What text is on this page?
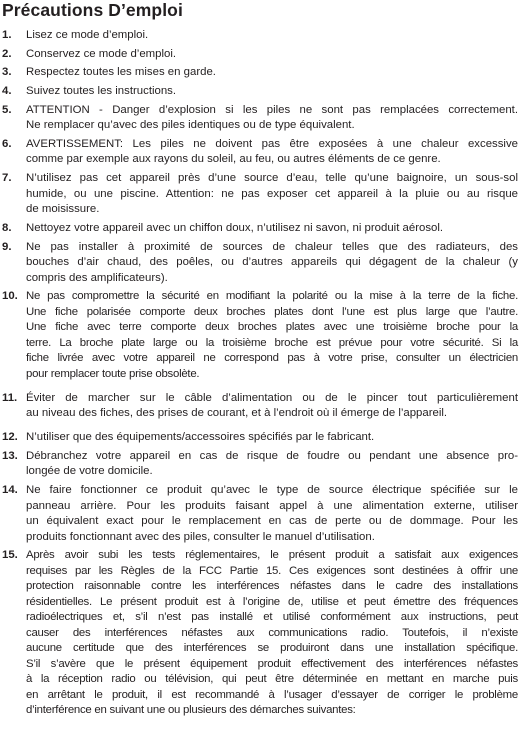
Précautions D’emploi
1.	Lisez ce mode d’emploi.
2.	Conservez ce mode d’emploi.
3.	Respectez toutes les mises en garde.
4.	Suivez toutes les instructions.
5.	ATTENTION - Danger d’explosion si les piles ne sont pas remplacées correctement.
Ne remplacer qu’avec des piles identiques ou de type équivalent.
6.	AVERTISSEMENT: Les piles ne doivent pas être exposées à une chaleur excessive
comme par exemple aux rayons du soleil, au feu, ou autres éléments de ce genre.
7.	N’utilisez pas cet appareil près d’une source d’eau, telle qu’une baignoire, un sous-sol
humide, ou une piscine. Attention: ne pas exposer cet appareil à la pluie ou au risque
de moisissure.
8.	Nettoyez votre appareil avec un chiffon doux, n’utilisez ni savon, ni produit aérosol.
9.	Ne pas installer à proximité de sources de chaleur telles que des radiateurs, des
bouches d’air chaud, des poêles, ou d’autres appareils qui dégagent de la chaleur (y
compris des amplificateurs).
10. Ne pas compromettre la sécurité en modifiant la polarité ou la mise à la terre de la fiche.
Une fiche polarisée comporte deux broches plates dont l’une est plus large que l’autre.
Une fiche avec terre comporte deux broches plates avec une troisième broche pour la
terre. La broche plate large ou la troisième broche est prévue pour votre sécurité. Si la
fiche livrée avec votre appareil ne correspond pas à votre prise, consulter un électricien
pour remplacer toute prise obsolète.
11. Éviter de marcher sur le câble d’alimentation ou de le pincer tout particulièrement
au niveau des fiches, des prises de courant, et à l’endroit où il émerge de l’appareil.
12. N’utiliser que des équipements/accessoires spécifiés par le fabricant.
13. Débranchez votre appareil en cas de risque de foudre ou pendant une absence pro-
longée de votre domicile.
14. Ne faire fonctionner ce produit qu’avec le type de source électrique spécifiée sur le
panneau arrière. Pour les produits faisant appel à une alimentation externe, utiliser
un équivalent exact pour le remplacement en cas de perte ou de dommage. Pour les
produits fonctionnant avec des piles, consulter le manuel d’utilisation.
15. Après avoir subi les tests réglementaires, le présent produit a satisfait aux exigences
requises par les Règles de la FCC Partie 15. Ces exigences sont destinées à offrir une
protection raisonnable contre les interférences néfastes dans le cadre des installations
résidentielles. Le présent produit est à l’origine de, utilise et peut émettre des fréquences
radioélectriques et, s’il n’est pas installé et utilisé conformément aux instructions, peut
causer des interférences néfastes aux communications radio. Toutefois, il n’existe
aucune certitude que des interférences se produiront dans une installation spécifique.
S’il s’avère que le présent équipement produit effectivement des interférences néfastes
à la réception radio ou télévision, qui peut être déterminée en mettant en marche puis
en arrêtant le produit, il est recommandé à l’usager d’essayer de corriger le problème
d’interférence en suivant une ou plusieurs des démarches suivantes:
